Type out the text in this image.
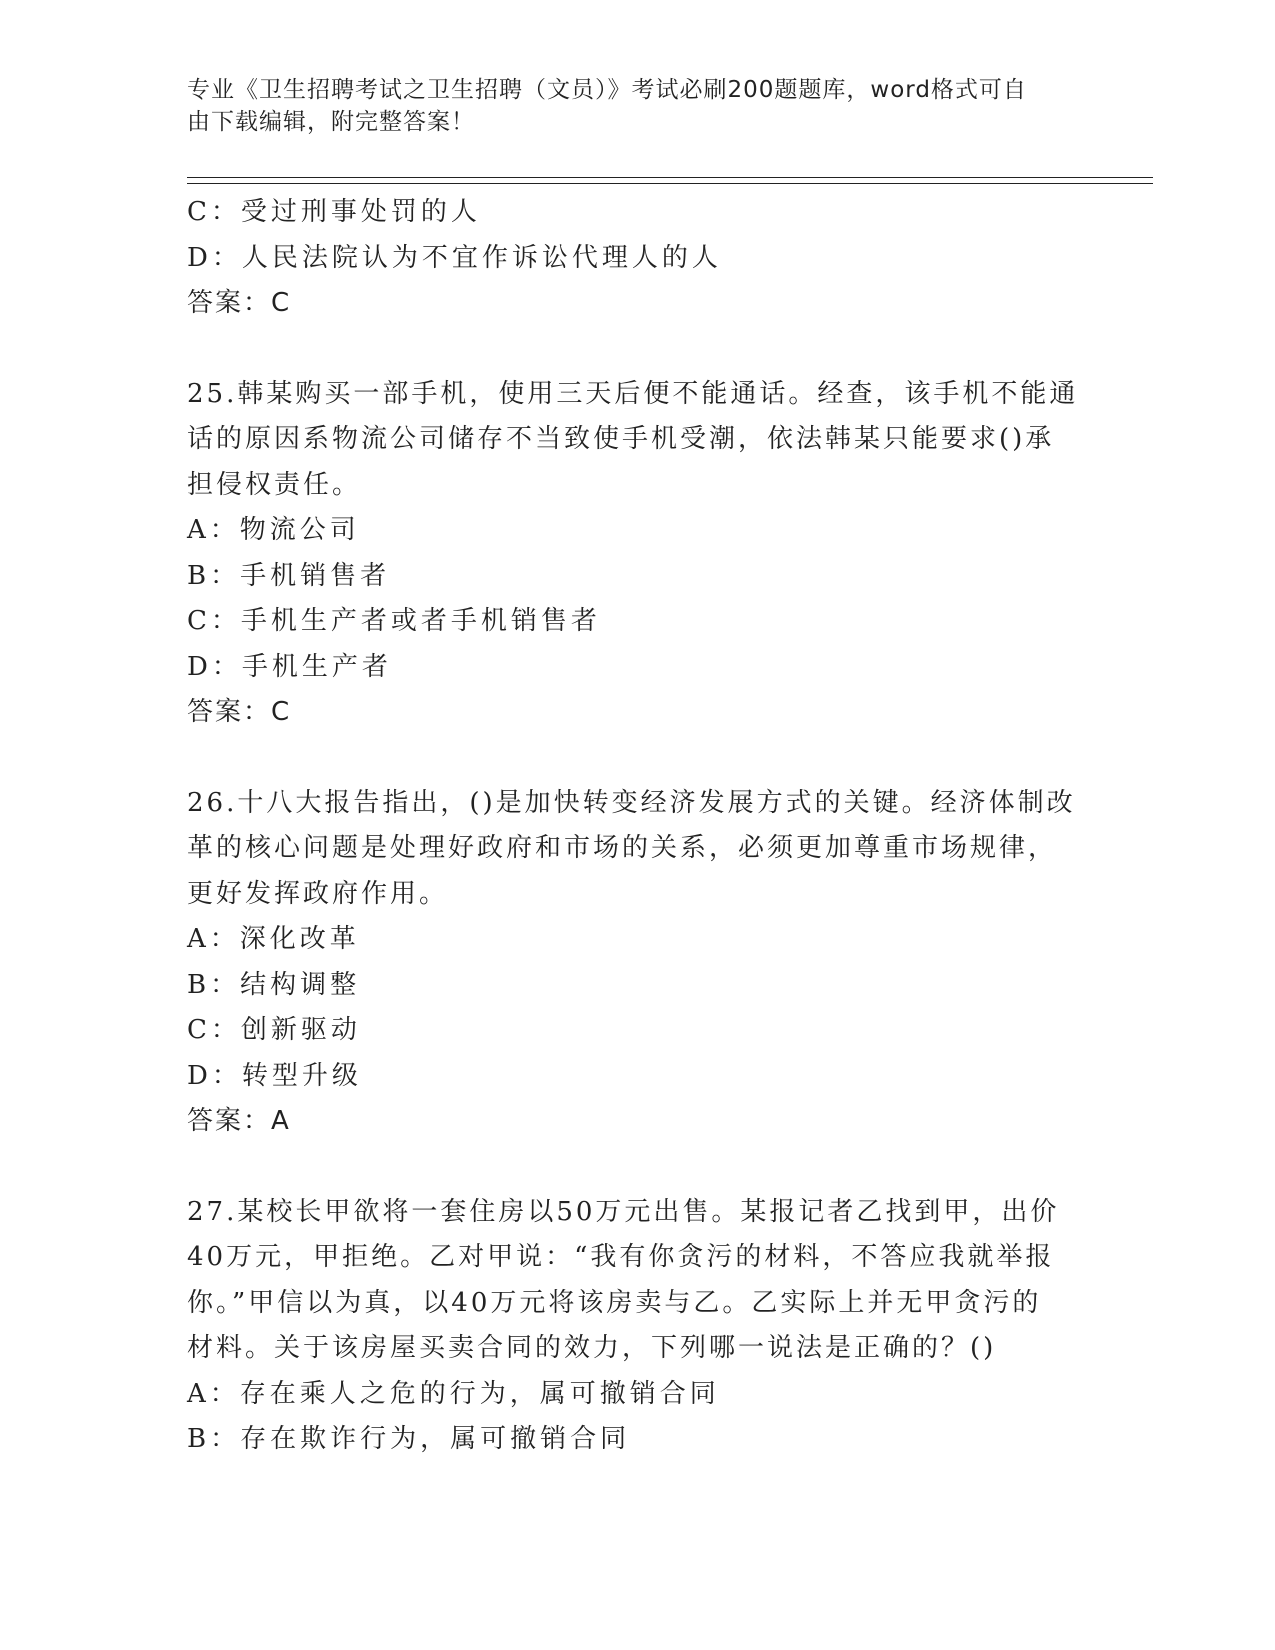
专业《卫生招聘考试之卫生招聘（文员）》考试必刷200题题库，word格式可自
由下载编辑，附完整答案！
C：受过刑事处罚的人
D：人民法院认为不宜作诉讼代理人的人
答案：C
25.韩某购买一部手机，使用三天后便不能通话。经查，该手机不能通
话的原因系物流公司储存不当致使手机受潮，依法韩某只能要求()承
担侵权责任。
A：物流公司
B：手机销售者
C：手机生产者或者手机销售者
D：手机生产者
答案：C
26.十八大报告指出，()是加快转变经济发展方式的关键。经济体制改
革的核心问题是处理好政府和市场的关系，必须更加尊重市场规律，
更好发挥政府作用。
A：深化改革
B：结构调整
C：创新驱动
D：转型升级
答案：A
27.某校长甲欲将一套住房以50万元出售。某报记者乙找到甲，出价
40万元，甲拒绝。乙对甲说：“我有你贪污的材料，不答应我就举报
你。”甲信以为真，以40万元将该房卖与乙。乙实际上并无甲贪污的
材料。关于该房屋买卖合同的效力，下列哪一说法是正确的？()
A：存在乘人之危的行为，属可撤销合同
B：存在欺诈行为，属可撤销合同
